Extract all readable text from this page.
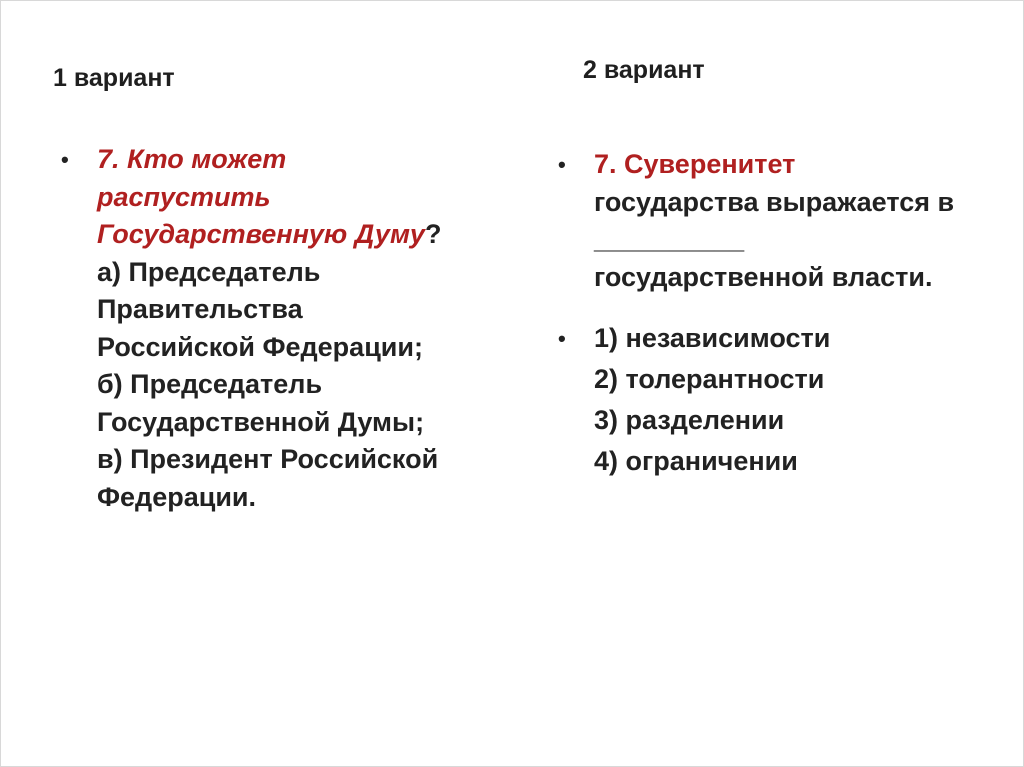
1 вариант	2 вариант
• 7. Кто может
распустить
Государственную Думу?
а) Председатель
Правительства
Российской Федерации;
б) Председатель
Государственной Думы;
в) Президент Российской
Федерации.
• 7. Суверенитет
государства выражается в
__________
государственной власти.
• 1) независимости
2) толерантности
3) разделении
4) ограничении
